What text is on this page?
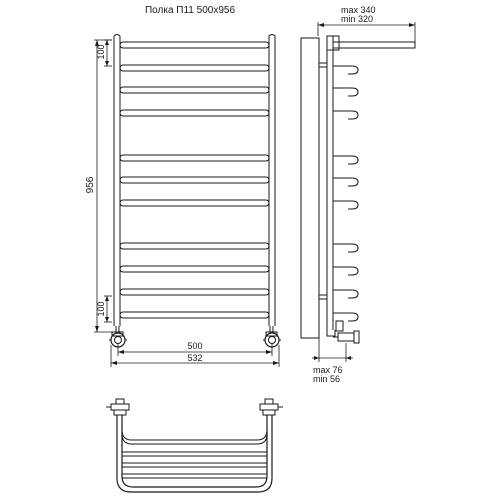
Полка П11 500x956
956
100
100
500
532
max 340
min 320
max 76
min 56
